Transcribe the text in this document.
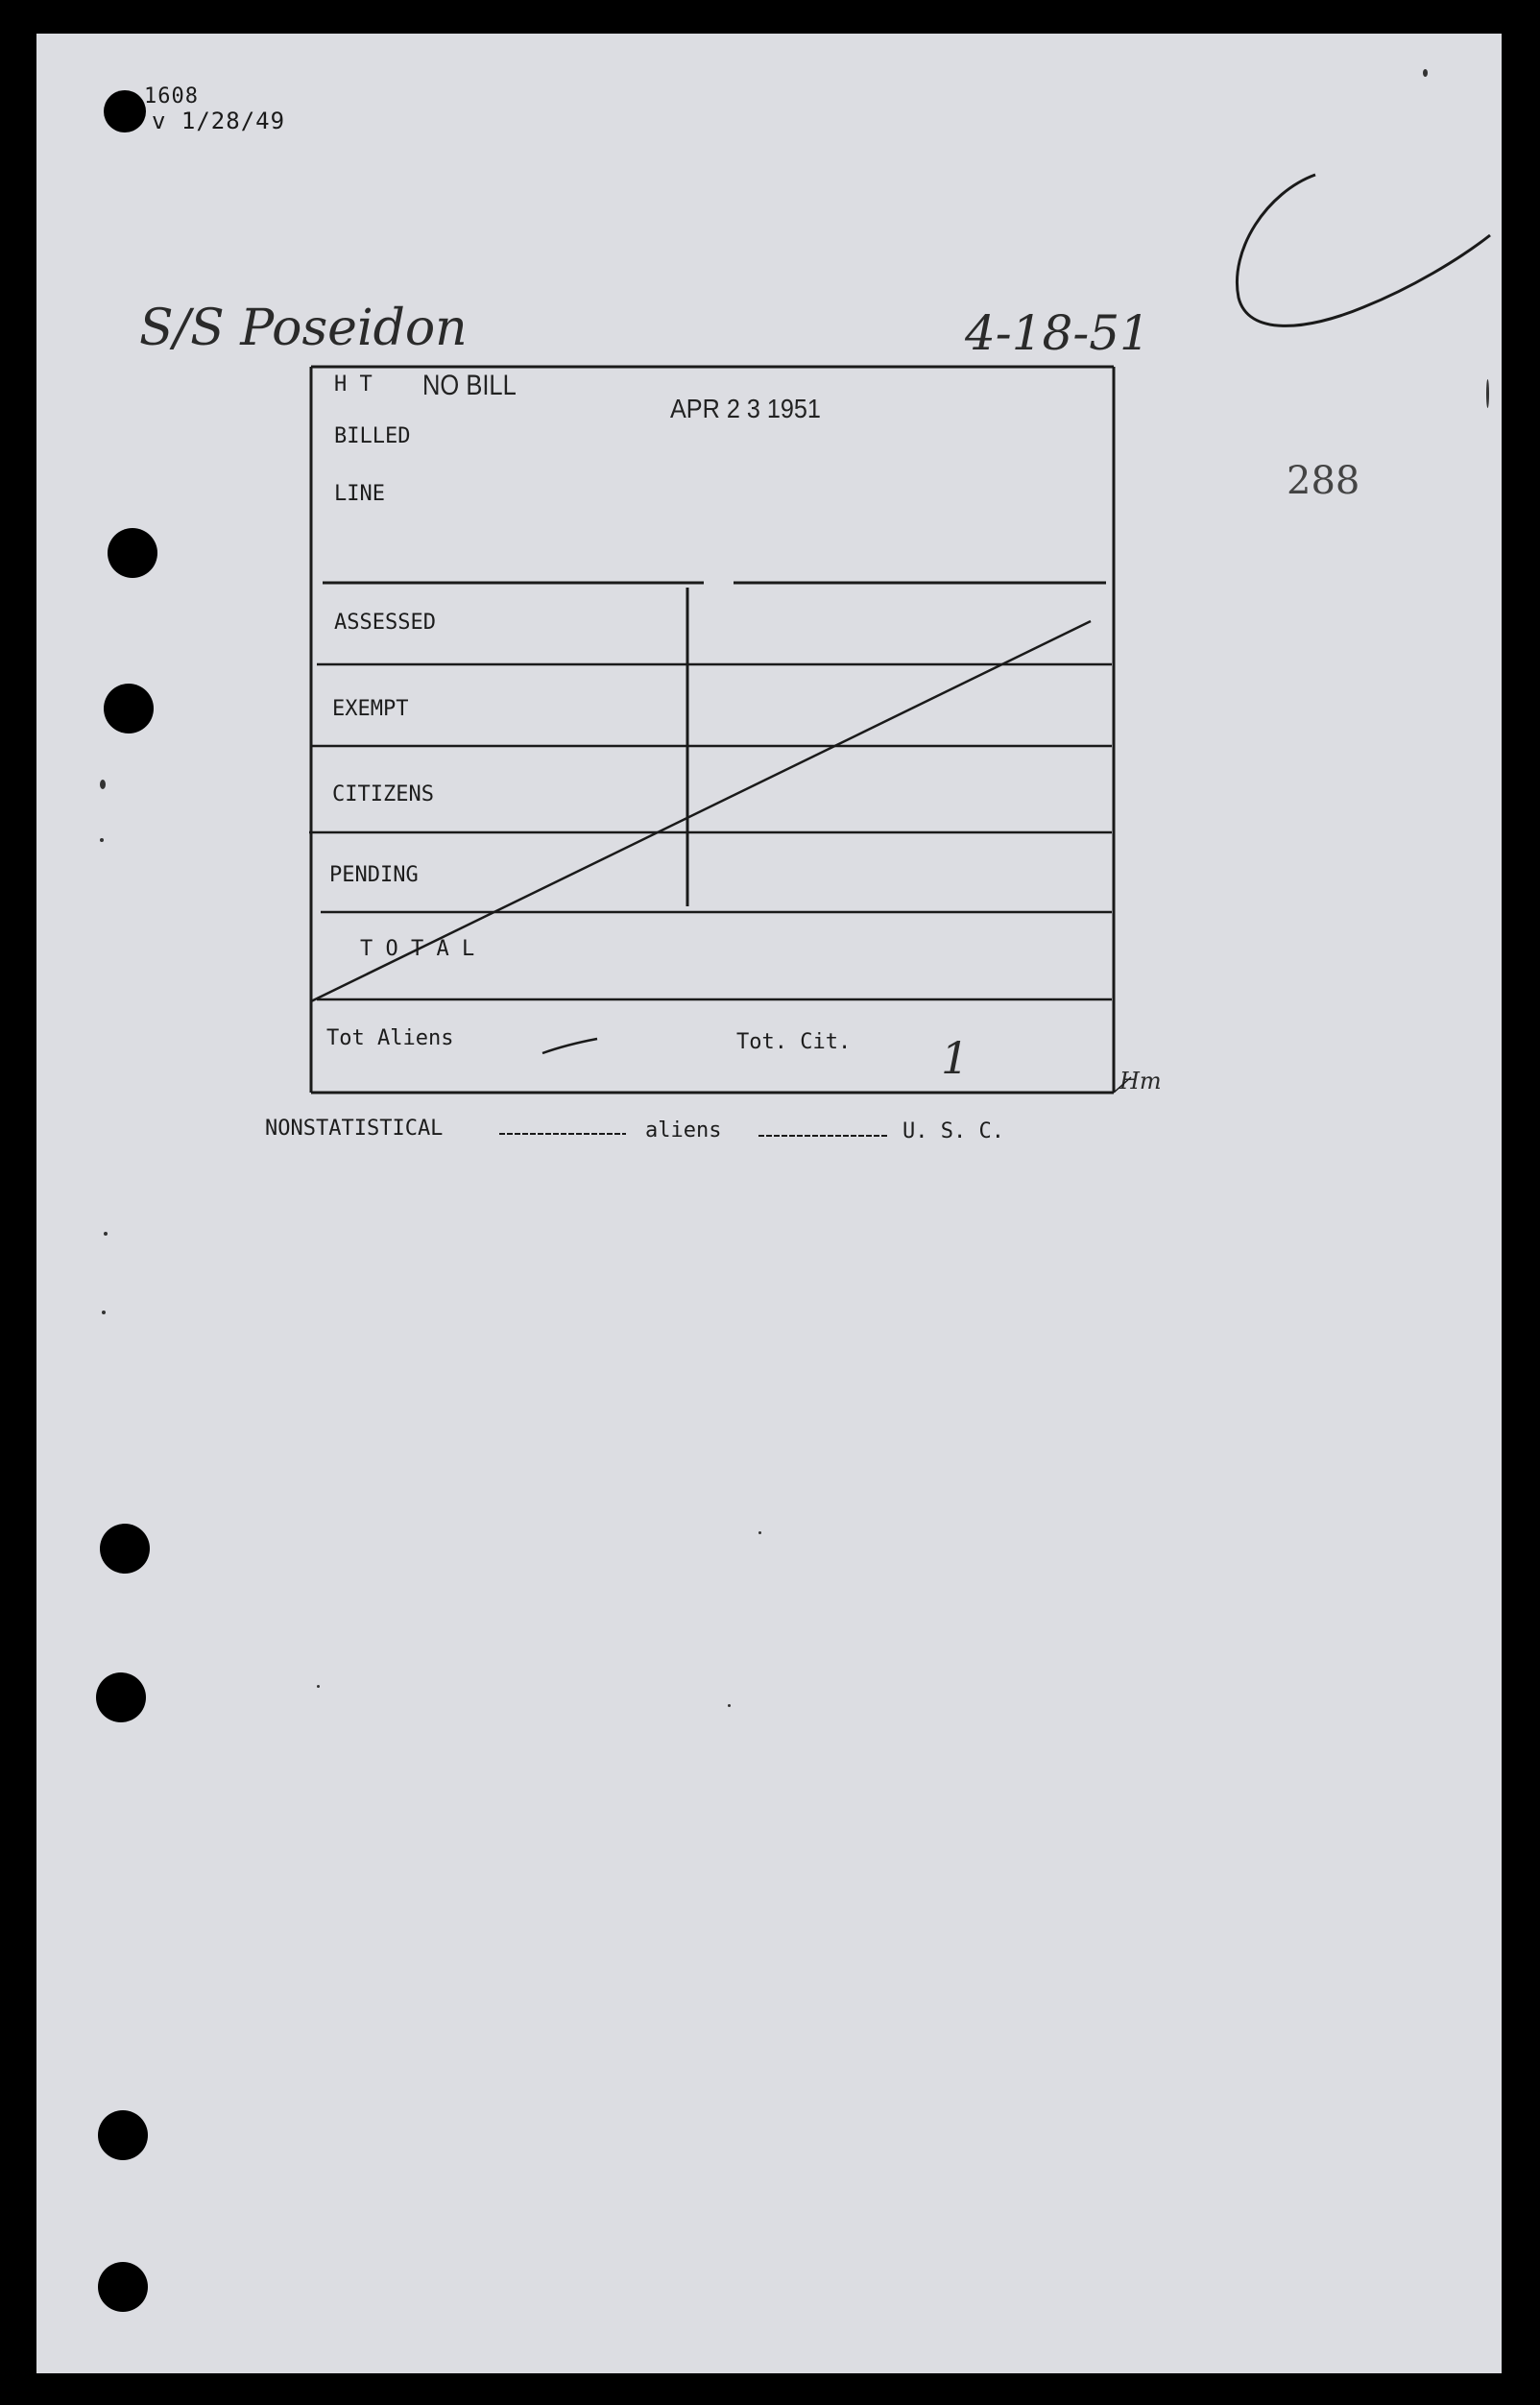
1608
v 1/28/49
S/S Poseidon	4-18-51
288
NO BILL
APR 2 3 1951
H T
BILLED
LINE
ASSESSED
EXEMPT
CITIZENS
PENDING
T O T A L
Tot Aliens	Tot. Cit. 1	Hm
NONSTATISTICAL	aliens	U. S. C.
